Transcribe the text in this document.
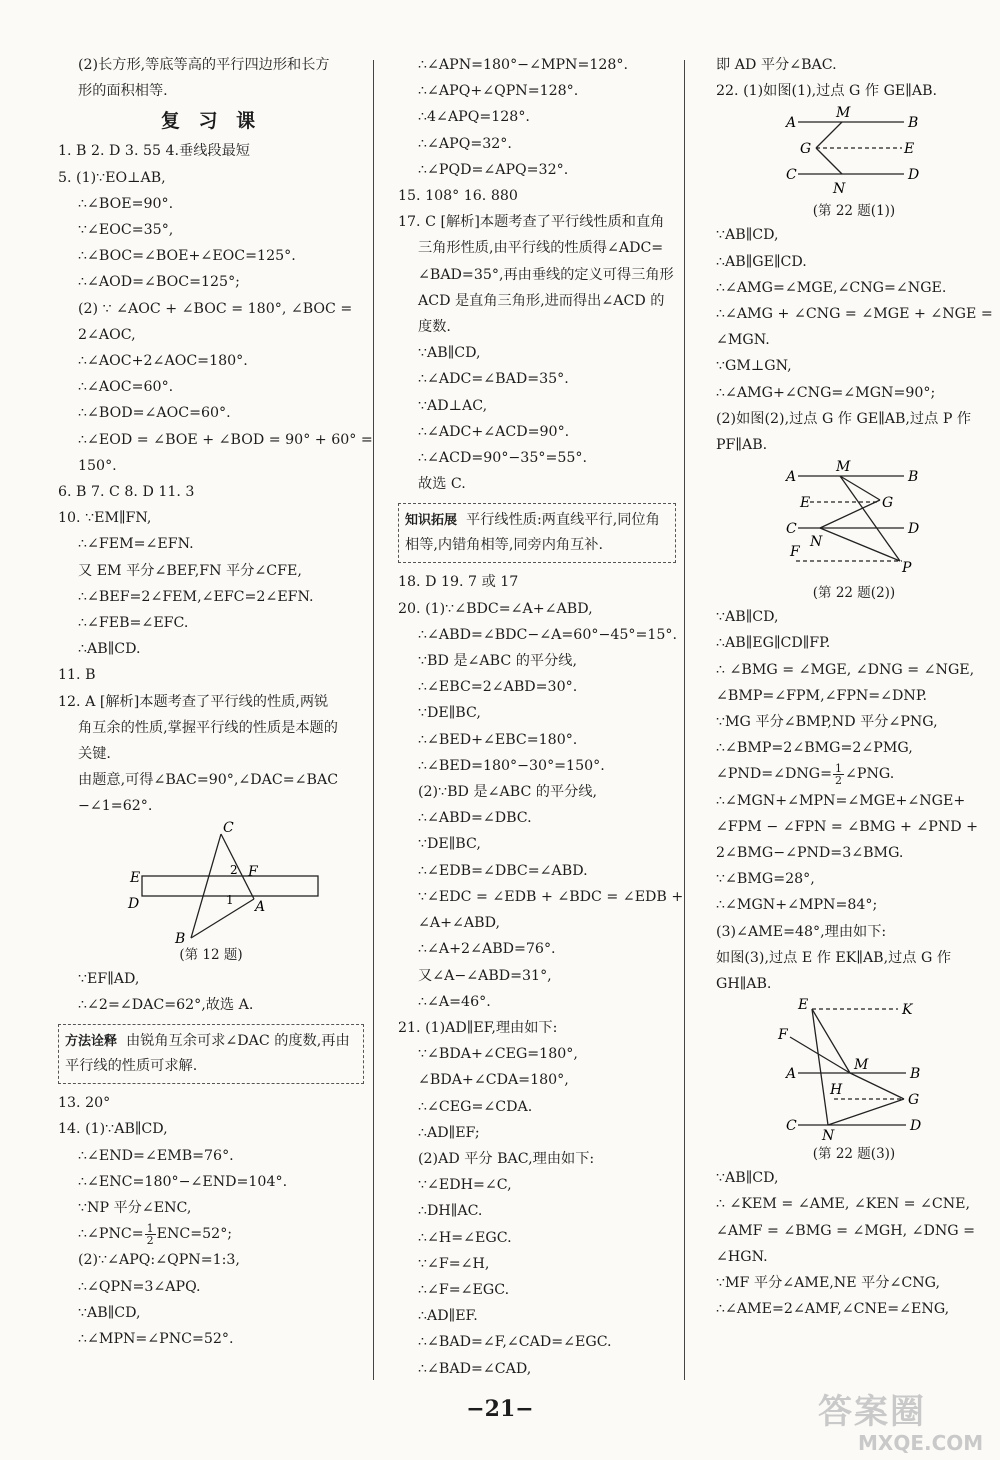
(2)长方形,等底等高的平行四边形和长方
形的面积相等.
复 习 课
1. B 2. D 3. 55 4.垂线段最短
5. (1)∵EO⊥AB,
∴∠BOE=90°.
∵∠EOC=35°,
∴∠BOC=∠BOE+∠EOC=125°.
∴∠AOD=∠BOC=125°;
(2) ∵ ∠AOC + ∠BOC = 180°, ∠BOC =
2∠AOC,
∴∠AOC+2∠AOC=180°.
∴∠AOC=60°.
∴∠BOD=∠AOC=60°.
∴∠EOD = ∠BOE + ∠BOD = 90° + 60° =
150°.
6. B 7. C 8. D 11. 3
10. ∵EM∥FN,
∴∠FEM=∠EFN.
又 EM 平分∠BEF,FN 平分∠CFE,
∴∠BEF=2∠FEM,∠EFC=2∠EFN.
∴∠FEB=∠EFC.
∴AB∥CD.
11. B
12. A [解析]本题考查了平行线的性质,两锐
角互余的性质,掌握平行线的性质是本题的
关键.
由题意,可得∠BAC=90°,∠DAC=∠BAC
−∠1=62°.
C
E
D
B
A
F
2
1
(第 12 题)
∵EF∥AD,
∴∠2=∠DAC=62°,故选 A.
方法诠释 由锐角互余可求∠DAC 的度数,再由平行线的性质可求解.
13. 20°
14. (1)∵AB∥CD,
∴∠END=∠EMB=76°.
∴∠ENC=180°−∠END=104°.
∵NP 平分∠ENC,
∴∠PNC= $\frac{1}{2} ENC=52^\circ$;
(2)∵∠APQ:∠QPN=1:3,
∴∠QPN=3∠APQ.
∵AB∥CD,
∴∠MPN=∠PNC=52°.
∴∠APN=180°−∠MPN=128°.
∴∠APQ+∠QPN=128°.
∴4∠APQ=128°.
∴∠APQ=32°.
∴∠PQD=∠APQ=32°.
15. 108° 16. 880
17. C [解析]本题考查了平行线性质和直角
三角形性质,由平行线的性质得∠ADC=
∠BAD=35°,再由垂线的定义可得三角形
ACD 是直角三角形,进而得出∠ACD 的
度数.
∵AB∥CD,
∴∠ADC=∠BAD=35°.
∵AD⊥AC,
∴∠ADC+∠ACD=90°.
∴∠ACD=90°−35°=55°.
故选 C.
知识拓展 平行线性质:两直线平行,同位角相等,内错角相等,同旁内角互补.
18. D 19. 7 或 17
20. (1)∵∠BDC=∠A+∠ABD,
∴∠ABD=∠BDC−∠A=60°−45°=15°.
∵BD 是∠ABC 的平分线,
∴∠EBC=2∠ABD=30°.
∵DE∥BC,
∴∠BED+∠EBC=180°.
∴∠BED=180°−30°=150°.
(2)∵BD 是∠ABC 的平分线,
∴∠ABD=∠DBC.
∵DE∥BC,
∴∠EDB=∠DBC=∠ABD.
∵∠EDC = ∠EDB + ∠BDC = ∠EDB +
∠A+∠ABD,
∴∠A+2∠ABD=76°.
又∠A−∠ABD=31°,
∴∠A=46°.
21. (1)AD∥EF,理由如下:
∵∠BDA+∠CEG=180°,
∠BDA+∠CDA=180°,
∴∠CEG=∠CDA.
∴AD∥EF;
(2)AD 平分 BAC,理由如下:
∵∠EDH=∠C,
∴DH∥AC.
∴∠H=∠EGC.
∵∠F=∠H,
∴∠F=∠EGC.
∴AD∥EF.
∴∠BAD=∠F,∠CAD=∠EGC.
∴∠BAD=∠CAD,
即 AD 平分∠BAC.
22. (1)如图(1),过点 G 作 GE∥AB.
A
M
B
G	E
C
N
D
(第 22 题(1))
∵AB∥CD,
∴AB∥GE∥CD.
∴∠AMG=∠MGE,∠CNG=∠NGE.
∴∠AMG + ∠CNG = ∠MGE + ∠NGE =
∠MGN.
∵GM⊥GN,
∴∠AMG+∠CNG=∠MGN=90°;
(2)如图(2),过点 G 作 GE∥AB,过点 P 作
PF∥AB.
A
M
B
E	G
C
N
D
F
P
(第 22 题(2))
∵AB∥CD,
∴AB∥EG∥CD∥FP.
∴ ∠BMG = ∠MGE, ∠DNG = ∠NGE,
∠BMP=∠FPM,∠FPN=∠DNP.
∵MG 平分∠BMP,ND 平分∠PNG,
∴∠BMP=2∠BMG=2∠PMG,
∠PND=∠DNG= $\frac{1}{2}$ ∠PNG.
∴∠MGN+∠MPN=∠MGE+∠NGE+
∠FPM − ∠FPN = ∠BMG + ∠PND +
2∠BMG−∠PND=3∠BMG.
∵∠BMG=28°,
∴∠MGN+∠MPN=84°;
(3)∠AME=48°,理由如下:
如图(3),过点 E 作 EK∥AB,过点 G 作
GH∥AB.
E	K
F
A
M
B
H
G
C
N
D
(第 22 题(3))
∵AB∥CD,
∴ ∠KEM = ∠AME, ∠KEN = ∠CNE,
∠AMF = ∠BMG = ∠MGH, ∠DNG =
∠HGN.
∵MF 平分∠AME,NE 平分∠CNG,
∴∠AME=2∠AMF,∠CNE=∠ENG,
−21−	答案圈
MXQE.COM
